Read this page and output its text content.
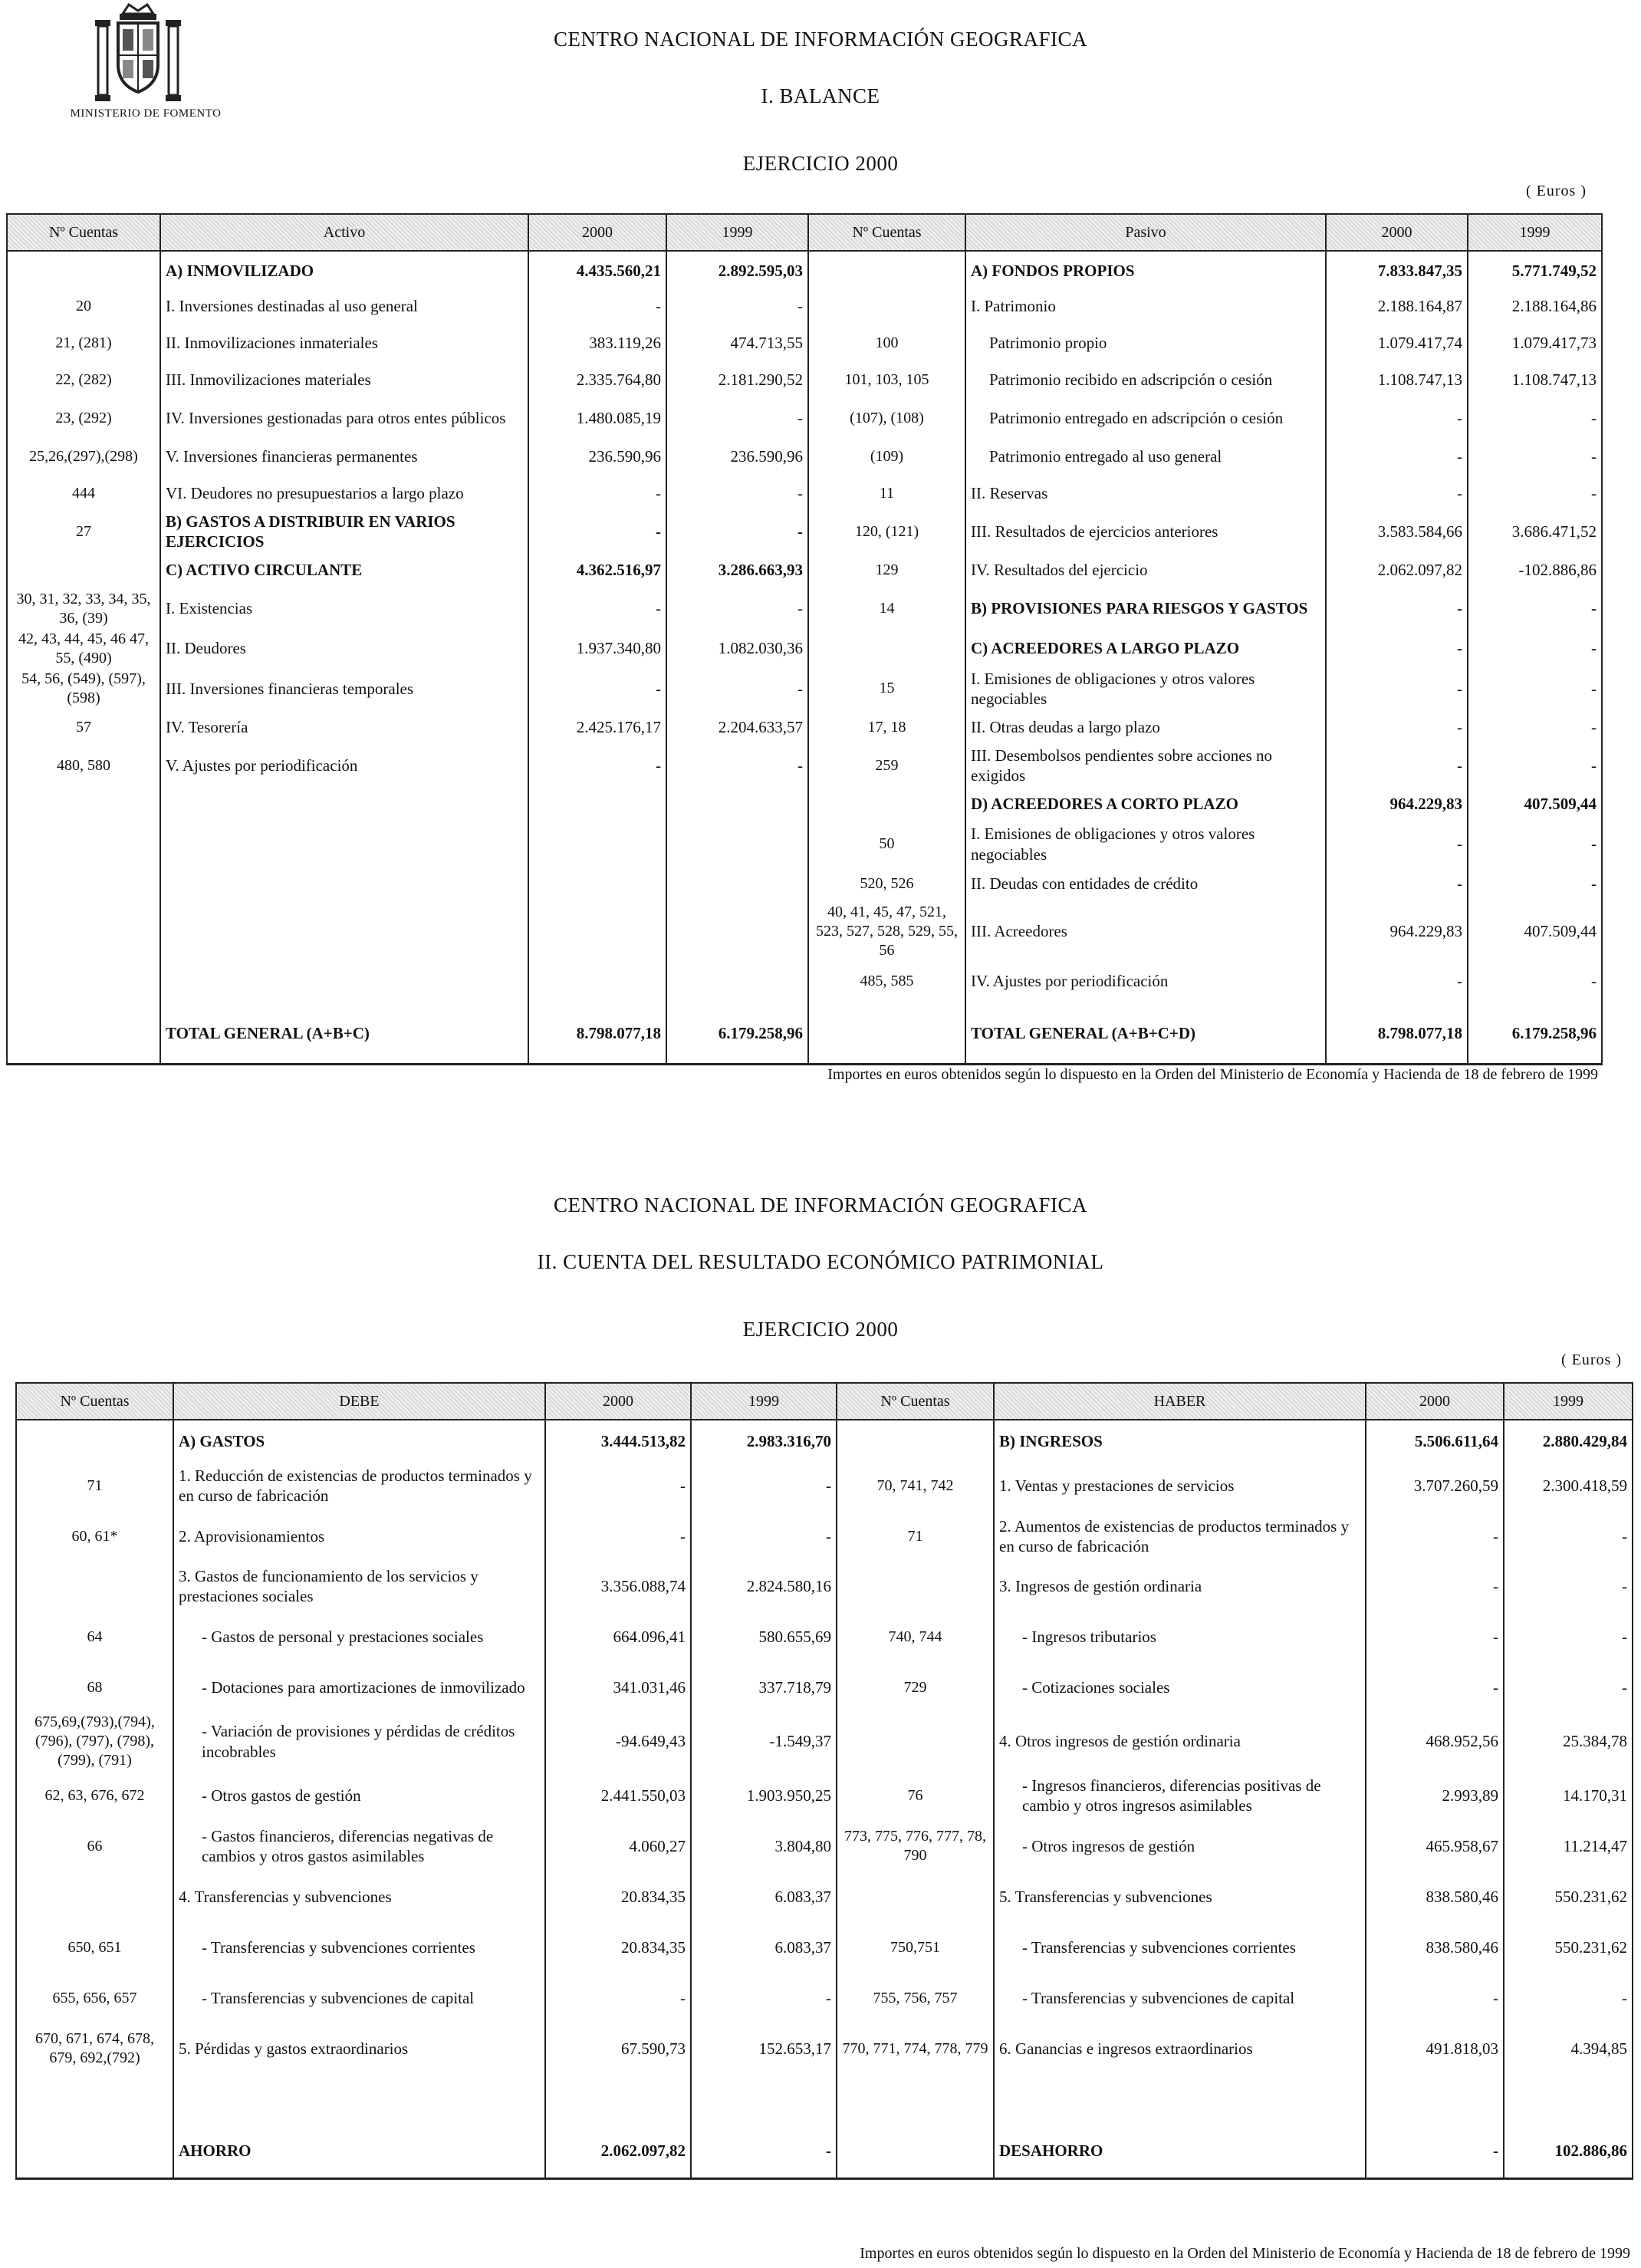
MINISTERIO DE FOMENTO
CENTRO NACIONAL DE INFORMACIÓN GEOGRAFICA
I. BALANCE
EJERCICIO 2000
( Euros )
Nº Cuentas	Activo	2000	1999	Nº Cuentas	Pasivo	2000	1999
	A) INMOVILIZADO	4.435.560,21	2.892.595,03		A) FONDOS PROPIOS	7.833.847,35	5.771.749,52
20	I. Inversiones destinadas al uso general	-	-		I. Patrimonio	2.188.164,87	2.188.164,86
21, (281)	II. Inmovilizaciones inmateriales	383.119,26	474.713,55	100	Patrimonio propio	1.079.417,74	1.079.417,73
22, (282)	III. Inmovilizaciones materiales	2.335.764,80	2.181.290,52	101, 103, 105	Patrimonio recibido en adscripción o cesión	1.108.747,13	1.108.747,13
23, (292)	IV. Inversiones gestionadas para otros entes públicos	1.480.085,19	-	(107), (108)	Patrimonio entregado en adscripción o cesión	-	-
25,26,(297),(298)	V. Inversiones financieras permanentes	236.590,96	236.590,96	(109)	Patrimonio entregado al uso general	-	-
444	VI. Deudores no presupuestarios a largo plazo	-	-	11	II. Reservas	-	-
27	B) GASTOS A DISTRIBUIR EN VARIOS EJERCICIOS	-	-	120, (121)	III. Resultados de ejercicios anteriores	3.583.584,66	3.686.471,52
	C) ACTIVO CIRCULANTE	4.362.516,97	3.286.663,93	129	IV. Resultados del ejercicio	2.062.097,82	-102.886,86
30, 31, 32, 33, 34, 35, 36, (39)	I. Existencias	-	-	14	B) PROVISIONES PARA RIESGOS Y GASTOS	-	-
42, 43, 44, 45, 46 47, 55, (490)	II. Deudores	1.937.340,80	1.082.030,36		C) ACREEDORES A LARGO PLAZO	-	-
54, 56, (549), (597), (598)	III. Inversiones financieras temporales	-	-	15	I. Emisiones de obligaciones y otros valores negociables	-	-
57	IV. Tesorería	2.425.176,17	2.204.633,57	17, 18	II. Otras deudas a largo plazo	-	-
480, 580	V. Ajustes por periodificación	-	-	259	III. Desembolsos pendientes sobre acciones no exigidos	-	-
					D) ACREEDORES A CORTO PLAZO	964.229,83	407.509,44
				50	I. Emisiones de obligaciones y otros valores negociables	-	-
				520, 526	II. Deudas con entidades de crédito	-	-
				40, 41, 45, 47, 521, 523, 527, 528, 529, 55, 56	III. Acreedores	964.229,83	407.509,44
				485, 585	IV. Ajustes por periodificación	-	-
	TOTAL GENERAL (A+B+C)	8.798.077,18	6.179.258,96		TOTAL GENERAL (A+B+C+D)	8.798.077,18	6.179.258,96
Importes en euros obtenidos según lo dispuesto en la Orden del Ministerio de Economía y Hacienda de 18 de febrero de 1999
CENTRO NACIONAL DE INFORMACIÓN GEOGRAFICA
II. CUENTA DEL RESULTADO ECONÓMICO PATRIMONIAL
EJERCICIO 2000
( Euros )
Nº Cuentas	DEBE	2000	1999	Nº Cuentas	HABER	2000	1999
	A) GASTOS	3.444.513,82	2.983.316,70		B) INGRESOS	5.506.611,64	2.880.429,84
71	1. Reducción de existencias de productos terminados y en curso de fabricación	-	-	70, 741, 742	1. Ventas y prestaciones de servicios	3.707.260,59	2.300.418,59
60, 61*	2. Aprovisionamientos	-	-	71	2. Aumentos de existencias de productos terminados y en curso de fabricación	-	-
	3. Gastos de funcionamiento de los servicios y prestaciones sociales	3.356.088,74	2.824.580,16		3. Ingresos de gestión ordinaria	-	-
64	- Gastos de personal y prestaciones sociales	664.096,41	580.655,69	740, 744	- Ingresos tributarios	-	-
68	- Dotaciones para amortizaciones de inmovilizado	341.031,46	337.718,79	729	- Cotizaciones sociales	-	-
675,69,(793),(794), (796), (797), (798), (799), (791)	- Variación de provisiones y pérdidas de créditos incobrables	-94.649,43	-1.549,37		4. Otros ingresos de gestión ordinaria	468.952,56	25.384,78
62, 63, 676, 672	- Otros gastos de gestión	2.441.550,03	1.903.950,25	76	- Ingresos financieros, diferencias positivas de cambio y otros ingresos asimilables	2.993,89	14.170,31
66	- Gastos financieros, diferencias negativas de cambios y otros gastos asimilables	4.060,27	3.804,80	773, 775, 776, 777, 78, 790	- Otros ingresos de gestión	465.958,67	11.214,47
	4. Transferencias y subvenciones	20.834,35	6.083,37		5. Transferencias y subvenciones	838.580,46	550.231,62
650, 651	- Transferencias y subvenciones corrientes	20.834,35	6.083,37	750,751	- Transferencias y subvenciones corrientes	838.580,46	550.231,62
655, 656, 657	- Transferencias y subvenciones de capital	-	-	755, 756, 757	- Transferencias y subvenciones de capital	-	-
670, 671, 674, 678, 679, 692,(792)	5. Pérdidas y gastos extraordinarios	67.590,73	152.653,17	770, 771, 774, 778, 779	6. Ganancias e ingresos extraordinarios	491.818,03	4.394,85

	AHORRO	2.062.097,82	-		DESAHORRO	-	102.886,86
Importes en euros obtenidos según lo dispuesto en la Orden del Ministerio de Economía y Hacienda de 18 de febrero de 1999
